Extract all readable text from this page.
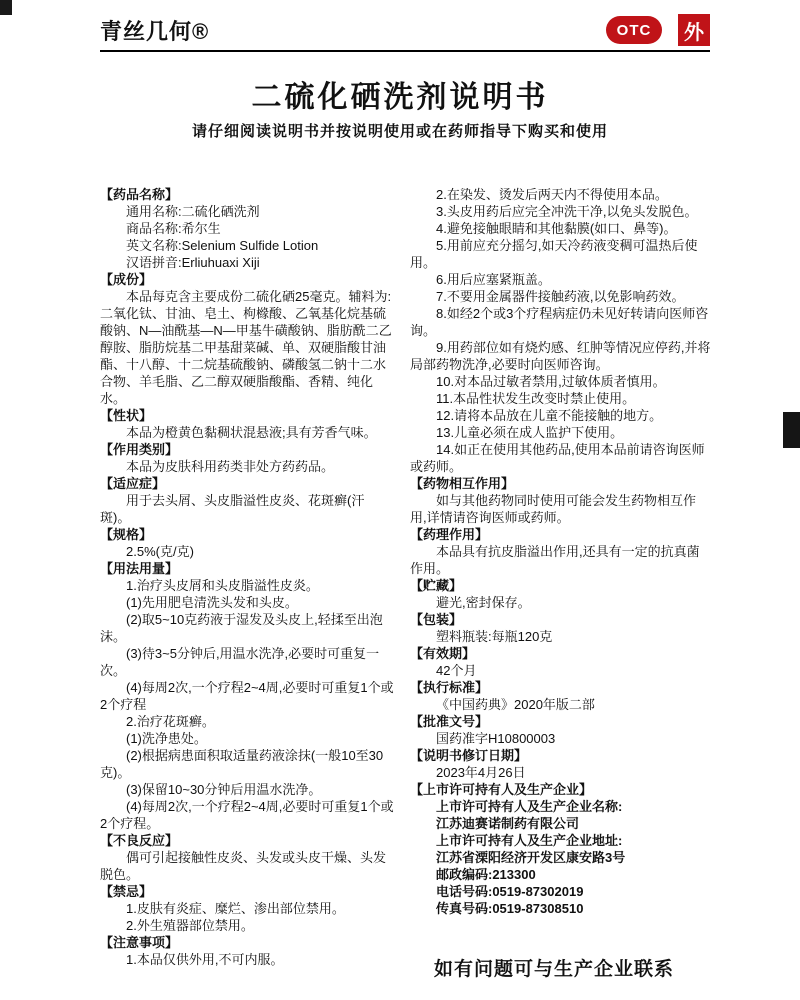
青丝几何®	OTC	外
二硫化硒洗剂说明书
请仔细阅读说明书并按说明使用或在药师指导下购买和使用
【药品名称】
通用名称:二硫化硒洗剂
商品名称:希尔生
英文名称:Selenium Sulfide Lotion
汉语拼音:Erliuhuaxi Xiji
【成份】
本品每克含主要成份二硫化硒25毫克。辅料为:二氧化钛、甘油、皂土、枸橼酸、乙氧基化烷基硫酸钠、N—油酰基—N—甲基牛磺酸钠、脂肪酰二乙醇胺、脂肪烷基二甲基甜菜碱、单、双硬脂酸甘油酯、十八醇、十二烷基硫酸钠、磷酸氢二钠十二水合物、羊毛脂、乙二醇双硬脂酸酯、香精、纯化水。
【性状】
本品为橙黄色黏稠状混悬液;具有芳香气味。
【作用类别】
本品为皮肤科用药类非处方药药品。
【适应症】
用于去头屑、头皮脂溢性皮炎、花斑癣(汗斑)。
【规格】
2.5%(克/克)
【用法用量】
1.治疗头皮屑和头皮脂溢性皮炎。
(1)先用肥皂清洗头发和头皮。
(2)取5~10克药液于湿发及头皮上,轻揉至出泡沫。
(3)待3~5分钟后,用温水洗净,必要时可重复一次。
(4)每周2次,一个疗程2~4周,必要时可重复1个或2个疗程
2.治疗花斑癣。
(1)洗净患处。
(2)根据病患面积取适量药液涂抹(一般10至30克)。
(3)保留10~30分钟后用温水洗净。
(4)每周2次,一个疗程2~4周,必要时可重复1个或2个疗程。
【不良反应】
偶可引起接触性皮炎、头发或头皮干燥、头发脱色。
【禁忌】
1.皮肤有炎症、糜烂、渗出部位禁用。
2.外生殖器部位禁用。
【注意事项】
1.本品仅供外用,不可内服。
2.在染发、烫发后两天内不得使用本品。
3.头皮用药后应完全冲洗干净,以免头发脱色。
4.避免接触眼睛和其他黏膜(如口、鼻等)。
5.用前应充分摇匀,如天冷药液变稠可温热后使用。
6.用后应塞紧瓶盖。
7.不要用金属器件接触药液,以免影响药效。
8.如经2个或3个疗程病症仍未见好转请向医师咨询。
9.用药部位如有烧灼感、红肿等情况应停药,并将局部药物洗净,必要时向医师咨询。
10.对本品过敏者禁用,过敏体质者慎用。
11.本品性状发生改变时禁止使用。
12.请将本品放在儿童不能接触的地方。
13.儿童必须在成人监护下使用。
14.如正在使用其他药品,使用本品前请咨询医师或药师。
【药物相互作用】
如与其他药物同时使用可能会发生药物相互作用,详情请咨询医师或药师。
【药理作用】
本品具有抗皮脂溢出作用,还具有一定的抗真菌作用。
【贮藏】
避光,密封保存。
【包装】
塑料瓶装:每瓶120克
【有效期】
42个月
【执行标准】
《中国药典》2020年版二部
【批准文号】
国药准字H10800003
【说明书修订日期】
2023年4月26日
【上市许可持有人及生产企业】
上市许可持有人及生产企业名称:
江苏迪赛诺制药有限公司
上市许可持有人及生产企业地址:
江苏省溧阳经济开发区康安路3号
邮政编码:213300
电话号码:0519-87302019
传真号码:0519-87308510
如有问题可与生产企业联系
